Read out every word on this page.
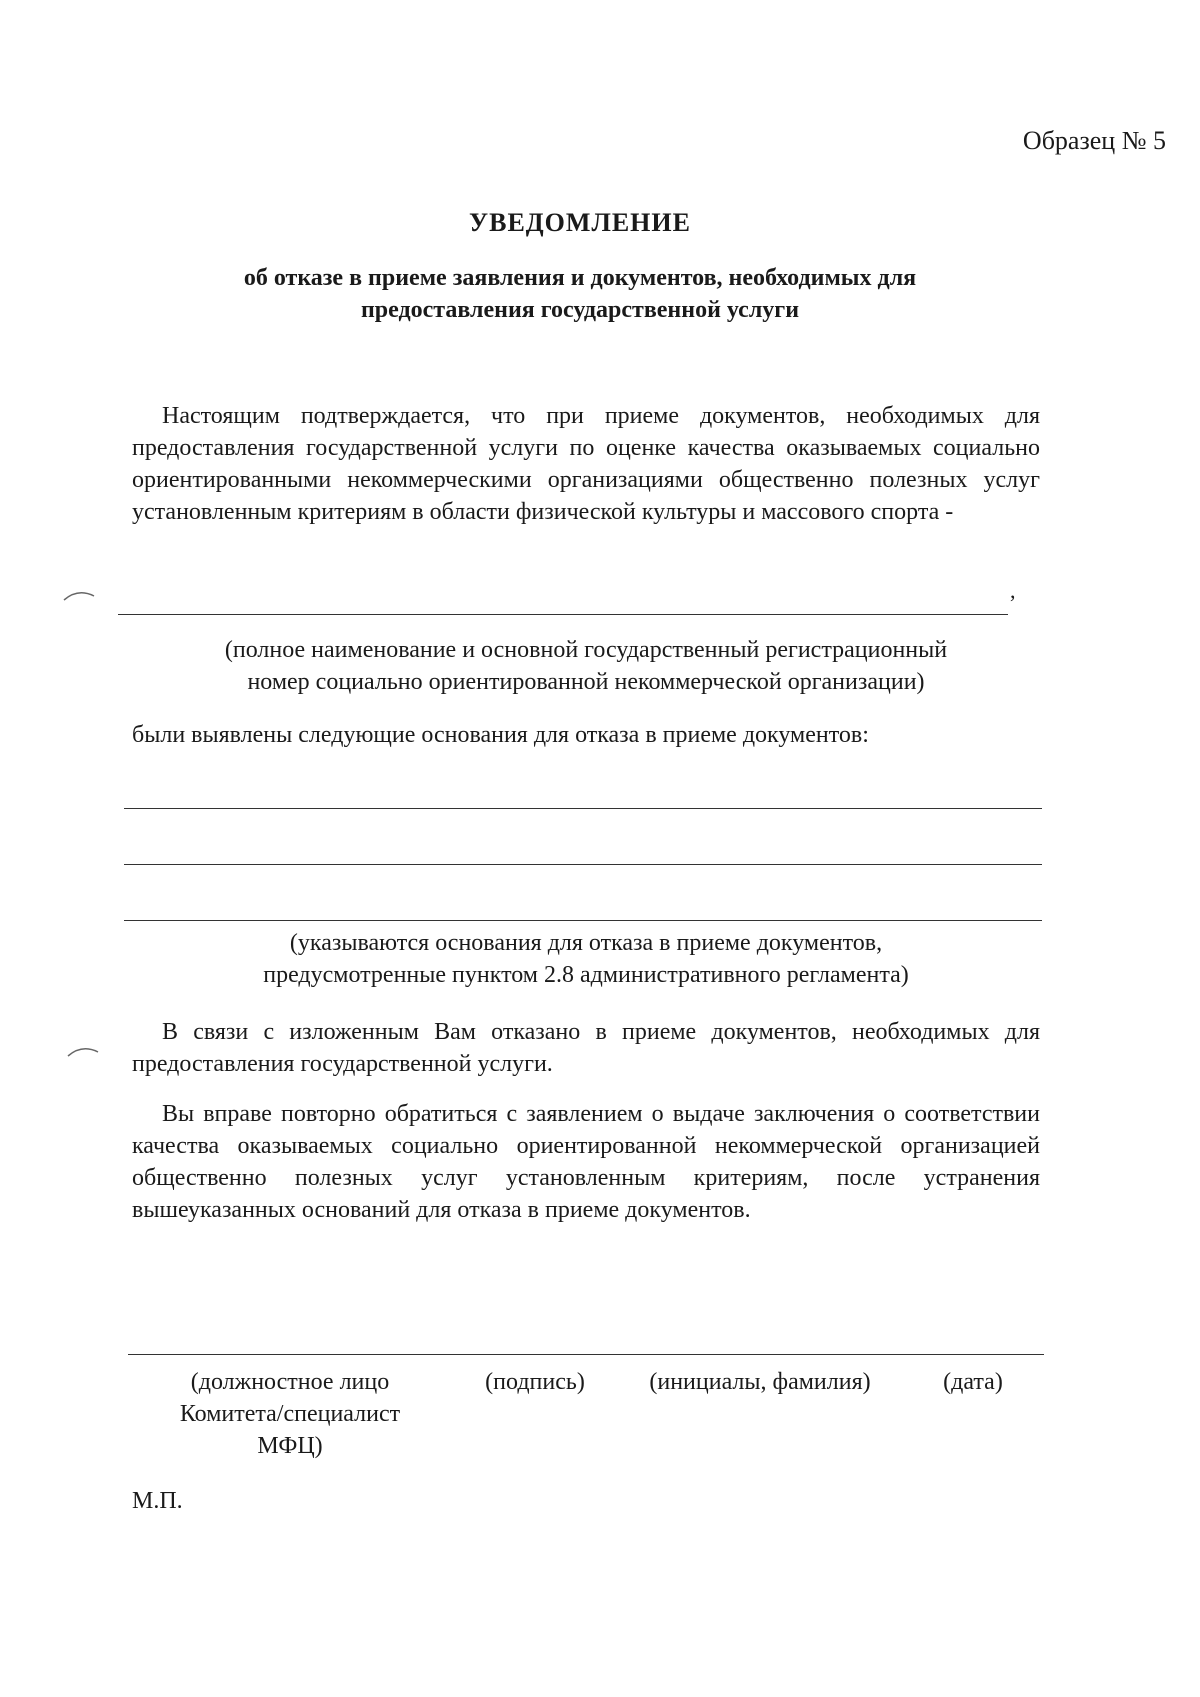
Образец № 5
УВЕДОМЛЕНИЕ
об отказе в приеме заявления и документов, необходимых для
предоставления государственной услуги
Настоящим подтверждается, что при приеме документов, необходимых для предоставления государственной услуги по оценке качества оказываемых социально ориентированными некоммерческими организациями общественно полезных услуг установленным критериям в области физической культуры и массового спорта -
,
(полное наименование и основной государственный регистрационный
номер социально ориентированной некоммерческой организации)
были выявлены следующие основания для отказа в приеме документов:
(указываются основания для отказа в приеме документов,
предусмотренные пунктом 2.8 административного регламента)
В связи с изложенным Вам отказано в приеме документов, необходимых для предоставления государственной услуги.
Вы вправе повторно обратиться с заявлением о выдаче заключения о соответствии качества оказываемых социально ориентированной некоммерческой организацией общественно полезных услуг установленным критериям, после устранения вышеуказанных оснований для отказа в приеме документов.
(должностное лицо
Комитета/специалист
МФЦ)
(подпись)	(инициалы, фамилия)	(дата)
М.П.
